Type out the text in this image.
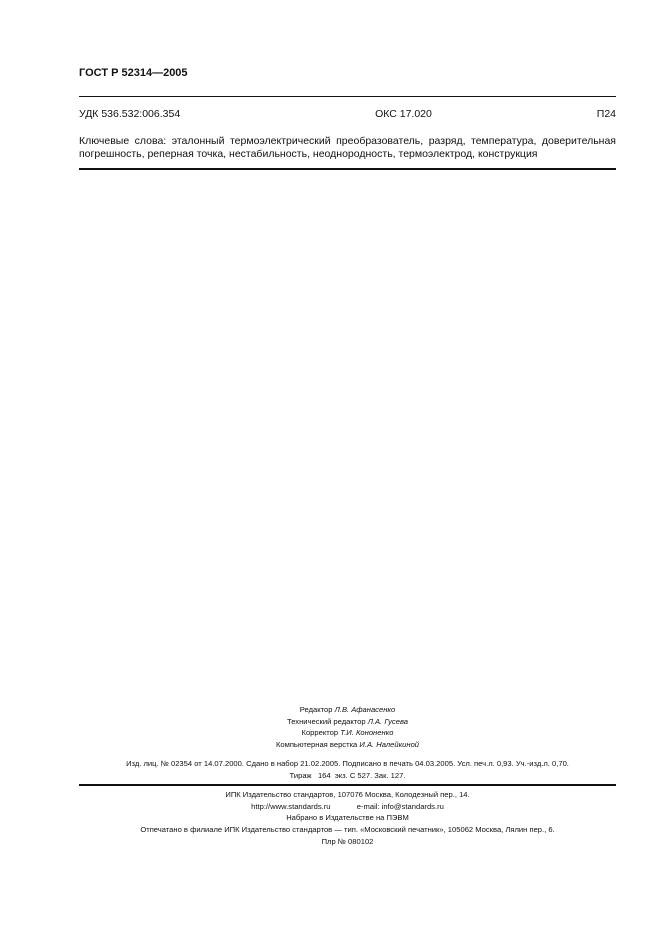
ГОСТ Р 52314—2005
УДК 536.532:006.354	ОКС 17.020	П24
Ключевые слова: эталонный термоэлектрический преобразователь, разряд, температура, доверительная погрешность, реперная точка, нестабильность, неоднородность, термоэлектрод, конструкция
Редактор Л.В. Афанасенко
Технический редактор Л.А. Гусева
Корректор Т.И. Кононенко
Компьютерная верстка И.А. Налейкиной
Изд. лиц. № 02354 от 14.07.2000. Сдано в набор 21.02.2005. Подписано в печать 04.03.2005. Усл. печ.л. 0,93. Уч.-изд.л. 0,70.
Тираж   164  экз. С 527. Зак. 127.
ИПК Издательство стандартов, 107076 Москва, Колодезный пер., 14.
http://www.standards.ru	e-mail: info@standards.ru
Набрано в Издательстве на ПЭВМ
Отпечатано в филиале ИПК Издательство стандартов — тип. «Московский печатник», 105062 Москва, Лялин пер., 6.
Плр № 080102
